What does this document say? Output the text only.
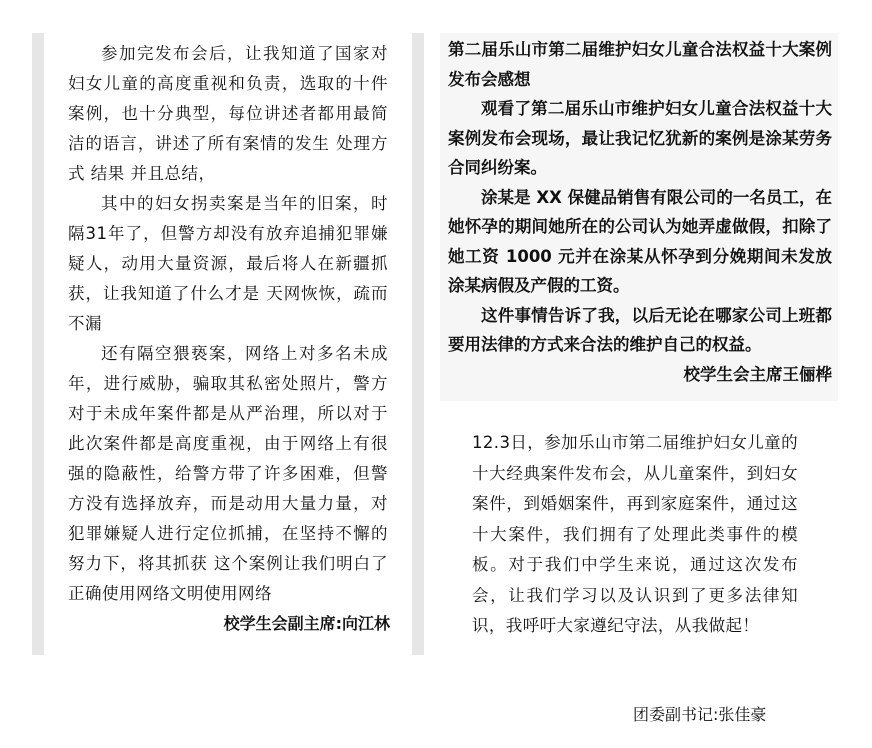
参加完发布会后，让我知道了国家对妇女儿童的高度重视和负责，选取的十件案例，也十分典型，每位讲述者都用最简洁的语言，讲述了所有案情的发生 处理方式 结果 并且总结，

其中的妇女拐卖案是当年的旧案，时隔31年了，但警方却没有放弃追捕犯罪嫌疑人，动用大量资源，最后将人在新疆抓获，让我知道了什么才是 天网恢恢，疏而不漏

还有隔空猥亵案，网络上对多名未成年，进行威胁，骗取其私密处照片，警方对于未成年案件都是从严治理，所以对于此次案件都是高度重视，由于网络上有很强的隐蔽性，给警方带了许多困难，但警方没有选择放弃，而是动用大量力量，对犯罪嫌疑人进行定位抓捕，在坚持不懈的努力下，将其抓获 这个案例让我们明白了 正确使用网络文明使用网络

校学生会副主席:向江林

第二届乐山市第二届维护妇女儿童合法权益十大案例发布会感想

观看了第二届乐山市维护妇女儿童合法权益十大案例发布会现场，最让我记忆犹新的案例是涂某劳务合同纠纷案。

涂某是 XX 保健品销售有限公司的一名员工，在她怀孕的期间她所在的公司认为她弄虚做假，扣除了她工资 1000 元并在涂某从怀孕到分娩期间未发放涂某病假及产假的工资。

这件事情告诉了我，以后无论在哪家公司上班都要用法律的方式来合法的维护自己的权益。

校学生会主席王俪桦

12.3日，参加乐山市第二届维护妇女儿童的十大经典案件发布会，从儿童案件，到妇女案件，到婚姻案件，再到家庭案件，通过这十大案件，我们拥有了处理此类事件的模板。对于我们中学生来说，通过这次发布会，让我们学习以及认识到了更多法律知识，我呼吁大家遵纪守法，从我做起！

团委副书记:张佳豪
